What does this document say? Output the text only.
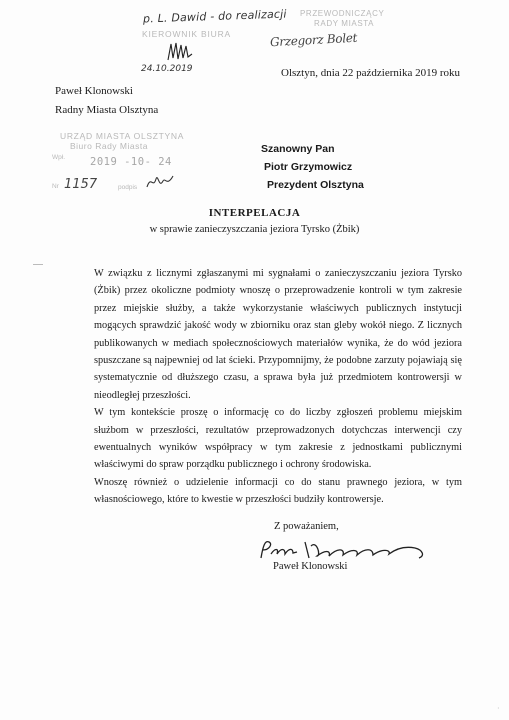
p. L. Dawid - do realizacji PRZEWODNICZĄCY
RADY MIASTA
KIEROWNIK BIURA	Grzegorz Bolet
24.10.2019	Olsztyn, dnia 22 października 2019 roku
Paweł Klonowski
Radny Miasta Olsztyna
URZĄD MIASTA OLSZTYNA
Biuro Rady Miasta
Wpł. 2019 -10- 24
Nr 1157	podpis
Szanowny Pan
Piotr Grzymowicz
Prezydent Olsztyna
INTERPELACJA
w sprawie zanieczyszczania jeziora Tyrsko (Żbik)

W związku z licznymi zgłaszanymi mi sygnałami o zanieczyszczaniu jeziora Tyrsko (Żbik) przez okoliczne podmioty wnoszę o przeprowadzenie kontroli w tym zakresie przez miejskie służby, a także wykorzystanie właściwych publicznych instytucji mogących sprawdzić jakość wody w zbiorniku oraz stan gleby wokół niego. Z licznych publikowanych w mediach społecznościowych materiałów wynika, że do wód jeziora spuszczane są najpewniej od lat ścieki. Przypomnijmy, że podobne zarzuty pojawiają się systematycznie od dłuższego czasu, a sprawa była już przedmiotem kontrowersji w nieodległej przeszłości.

W tym kontekście proszę o informację co do liczby zgłoszeń problemu miejskim służbom w przeszłości, rezultatów przeprowadzonych dotychczas interwencji czy ewentualnych wyników współpracy w tym zakresie z jednostkami publicznymi właściwymi do spraw porządku publicznego i ochrony środowiska.

Wnoszę również o udzielenie informacji co do stanu prawnego jeziora, w tym własnościowego, które to kwestie w przeszłości budziły kontrowersje.

Z poważaniem,
Paweł Klonowski
·
